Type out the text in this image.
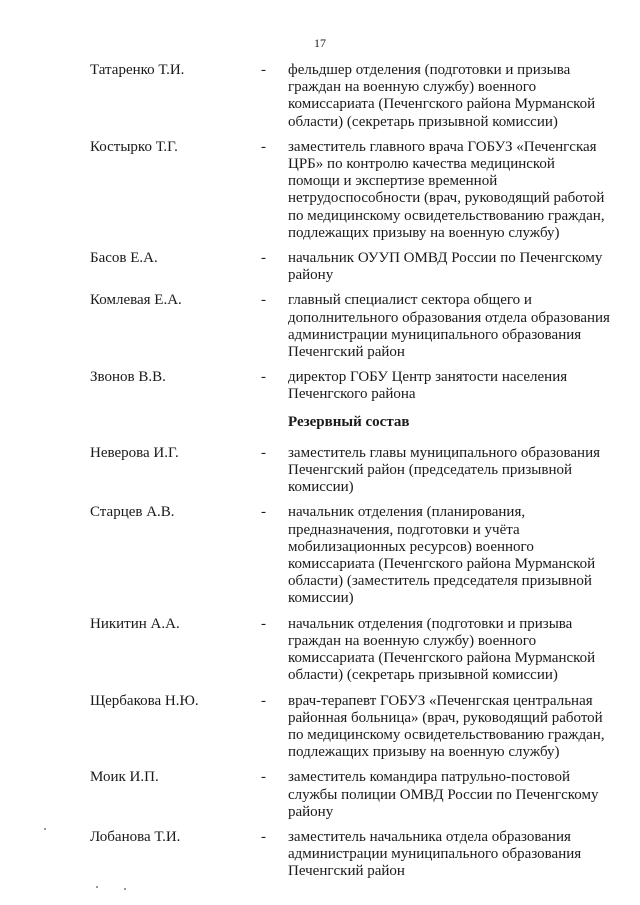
17
Татаренко Т.И.	- фельдшер отделения (подготовки и призыва граждан на военную службу) военного комиссариата (Печенгского района Мурманской области) (секретарь призывной комиссии)
Костырко Т.Г.	- заместитель главного врача ГОБУЗ «Печенгская ЦРБ» по контролю качества медицинской помощи и экспертизе временной нетрудоспособности (врач, руководящий работой по медицинскому освидетельствованию граждан, подлежащих призыву на военную службу)
Басов Е.А.	- начальник ОУУП ОМВД России по Печенгскому району
Комлевая Е.А.	- главный специалист сектора общего и дополнительного образования отдела образования администрации муниципального образования Печенгский район
Звонов В.В.	- директор ГОБУ Центр занятости населения Печенгского района
Резервный состав
Неверова И.Г.	- заместитель главы муниципального образования Печенгский район (председатель призывной комиссии)
Старцев А.В.	- начальник отделения (планирования, предназначения, подготовки и учёта мобилизационных ресурсов) военного комиссариата (Печенгского района Мурманской области) (заместитель председателя призывной комиссии)
Никитин А.А.	- начальник отделения (подготовки и призыва граждан на военную службу) военного комиссариата (Печенгского района Мурманской области) (секретарь призывной комиссии)
Щербакова Н.Ю.	- врач-терапевт ГОБУЗ «Печенгская центральная районная больница» (врач, руководящий работой по медицинскому освидетельствованию граждан, подлежащих призыву на военную службу)
Моик И.П.	- заместитель командира патрульно-постовой службы полиции ОМВД России по Печенгскому району
Лобанова Т.И.	- заместитель начальника отдела образования администрации муниципального образования Печенгский район
